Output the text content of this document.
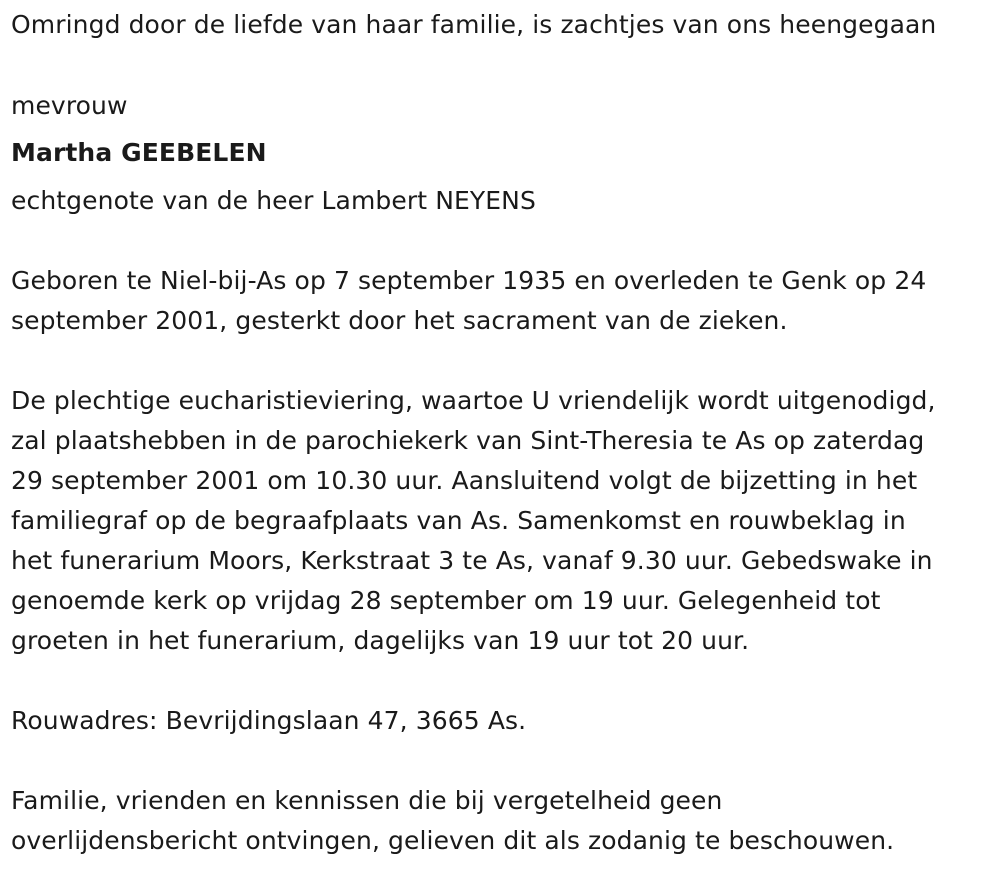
Omringd door de liefde van haar familie, is zachtjes van ons heengegaan

mevrouw

Martha GEEBELEN

echtgenote van de heer Lambert NEYENS

Geboren te Niel-bij-As op 7 september 1935 en overleden te Genk op 24
september 2001, gesterkt door het sacrament van de zieken.
De plechtige eucharistieviering, waartoe U vriendelijk wordt uitgenodigd,
zal plaatshebben in de parochiekerk van Sint-Theresia te As op zaterdag
29 september 2001 om 10.30 uur. Aansluitend volgt de bijzetting in het
familiegraf op de begraafplaats van As. Samenkomst en rouwbeklag in
het funerarium Moors, Kerkstraat 3 te As, vanaf 9.30 uur. Gebedswake in
genoemde kerk op vrijdag 28 september om 19 uur. Gelegenheid tot
groeten in het funerarium, dagelijks van 19 uur tot 20 uur.

Rouwadres: Bevrijdingslaan 47, 3665 As.

Familie, vrienden en kennissen die bij vergetelheid geen
overlijdensbericht ontvingen, gelieven dit als zodanig te beschouwen.
